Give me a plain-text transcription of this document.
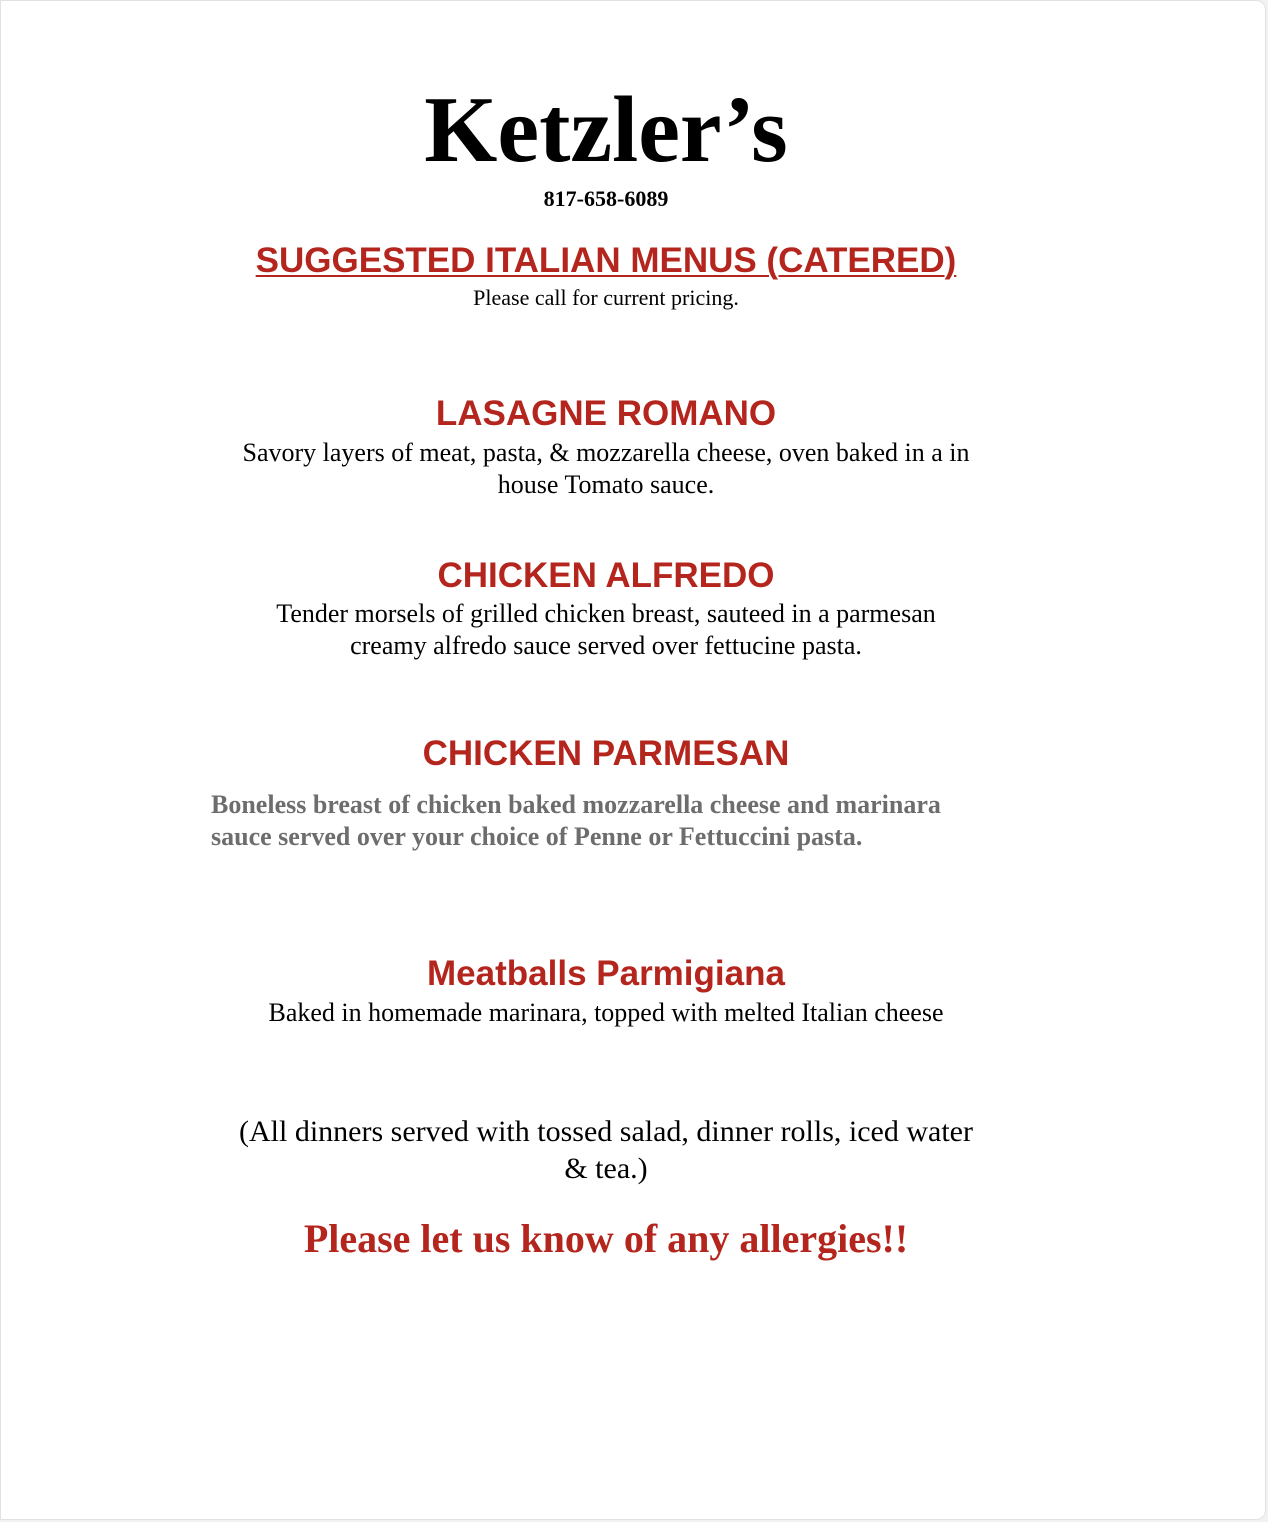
Ketzler’s
817-658-6089
SUGGESTED ITALIAN MENUS (CATERED)
Please call for current pricing.
LASAGNE ROMANO
Savory layers of meat, pasta, & mozzarella cheese, oven baked in a in
house Tomato sauce.
CHICKEN ALFREDO
Tender morsels of grilled chicken breast, sauteed in a parmesan
creamy alfredo sauce served over fettucine pasta.
CHICKEN PARMESAN
Boneless breast of chicken baked mozzarella cheese and marinara
sauce served over your choice of Penne or Fettuccini pasta.
Meatballs Parmigiana
Baked in homemade marinara, topped with melted Italian cheese
(All dinners served with tossed salad, dinner rolls, iced water
& tea.)
Please let us know of any allergies!!
